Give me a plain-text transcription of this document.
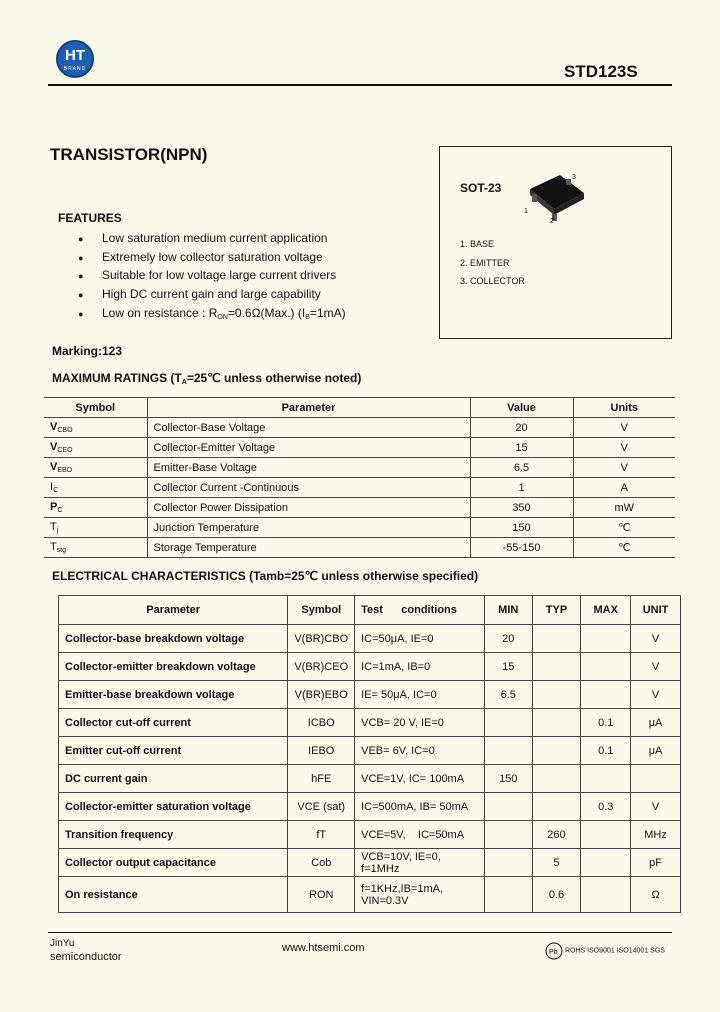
HT
BRAND	STD123S
TRANSISTOR(NPN)
SOT-23
1
2
3
1. BASE
2. EMITTER
3. COLLECTOR
FEATURES
● Low saturation medium current application
● Extremely low collector saturation voltage
● Suitable for low voltage large current drivers
● High DC current gain and large capability
● Low on resistance : $R_{ON}=0.6\Omega(Max.)$ $(I_B=1mA)$
Marking:123
MAXIMUM RATINGS ($T_A=25℃$ unless otherwise noted)
Symbol	Parameter	Value	Units
$V_{CBO}$	Collector-Base Voltage	20	V
$V_{CEO}$	Collector-Emitter Voltage	15	V
$V_{EBO}$	Emitter-Base Voltage	6.5	V
$I_C$	Collector Current -Continuous	1	A
$P_C$	Collector Power Dissipation	350	mW
$T_j$	Junction Temperature	150	℃
$T_{stg}$	Storage Temperature	-55-150	℃
ELECTRICAL CHARACTERISTICS (Tamb=25℃ unless otherwise specified)
Parameter	Symbol	Test      conditions	MIN	TYP	MAX	UNIT
Collector-base breakdown voltage	V(BR)CBO	IC=50μA, IE=0	20			V
Collector-emitter breakdown voltage	V(BR)CEO	IC=1mA, IB=0	15			V
Emitter-base breakdown voltage	V(BR)EBO	IE= 50μA, IC=0	6.5			V
Collector cut-off current	ICBO	VCB= 20 V, IE=0			0.1	μA
Emitter cut-off current	IEBO	VEB= 6V, IC=0			0.1	μA
DC current gain	hFE	VCE=1V, IC= 100mA	150			
Collector-emitter saturation voltage	VCE (sat)	IC=500mA, IB= 50mA			0.3	V
Transition frequency	fT	VCE=5V,    IC=50mA		260		MHz
Collector output capacitance	Cob	VCB=10V, IE=0, f=1MHz		5		pF
On resistance	RON	f=1KHz,IB=1mA, VIN=0.3V		0.6		Ω
JinYu
semiconductor
www.htsemi.com	Pb ROHS ISO9001 ISO14001 SGS
